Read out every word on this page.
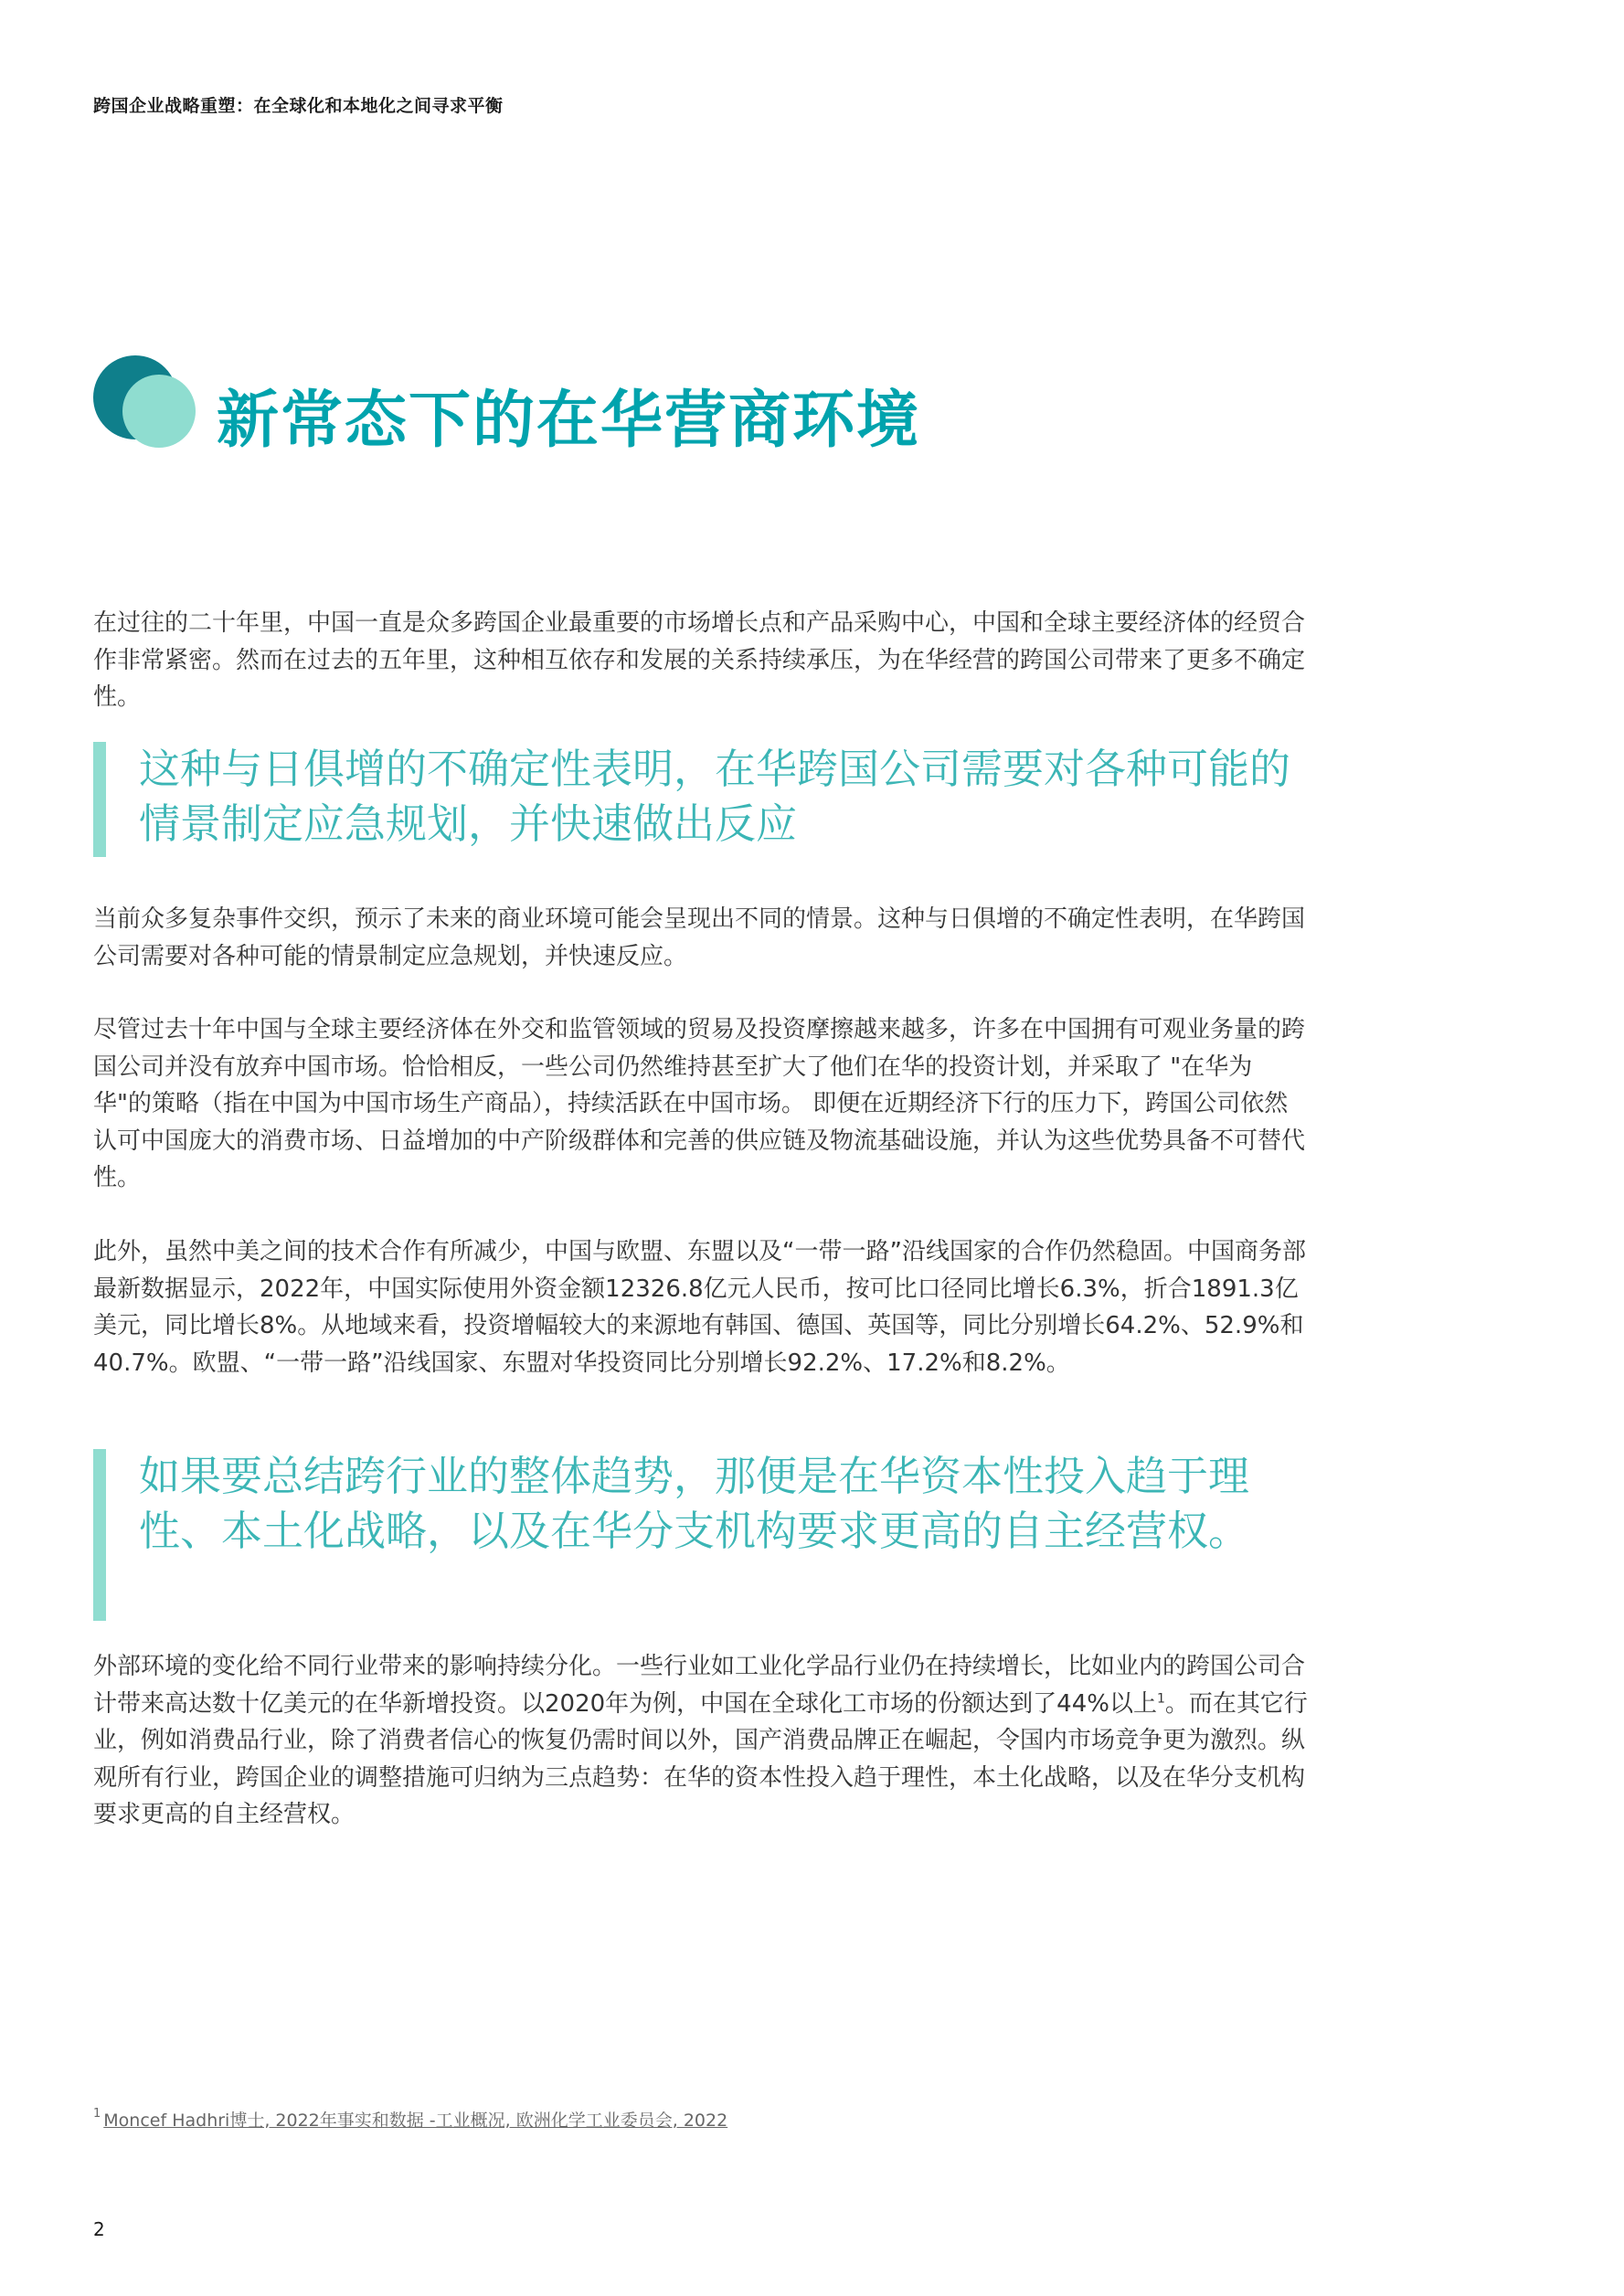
跨国企业战略重塑：在全球化和本地化之间寻求平衡
新常态下的在华营商环境

在过往的二十年里，中国一直是众多跨国企业最重要的市场增长点和产品采购中心，中国和全球主要经济体的经贸合作非常紧密。然而在过去的五年里，这种相互依存和发展的关系持续承压，为在华经营的跨国公司带来了更多不确定性。

这种与日俱增的不确定性表明，在华跨国公司需要对各种可能的情景制定应急规划，并快速做出反应

当前众多复杂事件交织，预示了未来的商业环境可能会呈现出不同的情景。这种与日俱增的不确定性表明，在华跨国公司需要对各种可能的情景制定应急规划，并快速反应。

尽管过去十年中国与全球主要经济体在外交和监管领域的贸易及投资摩擦越来越多，许多在中国拥有可观业务量的跨国公司并没有放弃中国市场。恰恰相反，一些公司仍然维持甚至扩大了他们在华的投资计划，并采取了 "在华为华"的策略（指在中国为中国市场生产商品），持续活跃在中国市场。 即便在近期经济下行的压力下，跨国公司依然认可中国庞大的消费市场、日益增加的中产阶级群体和完善的供应链及物流基础设施，并认为这些优势具备不可替代性。

此外，虽然中美之间的技术合作有所减少，中国与欧盟、东盟以及“一带一路”沿线国家的合作仍然稳固。中国商务部最新数据显示，2022年，中国实际使用外资金额12326.8亿元人民币，按可比口径同比增长6.3%，折合1891.3亿美元，同比增长8%。从地域来看，投资增幅较大的来源地有韩国、德国、英国等，同比分别增长64.2%、52.9%和40.7%。欧盟、“一带一路”沿线国家、东盟对华投资同比分别增长92.2%、17.2%和8.2%。

如果要总结跨行业的整体趋势，那便是在华资本性投入趋于理性、本土化战略，以及在华分支机构要求更高的自主经营权。

外部环境的变化给不同行业带来的影响持续分化。一些行业如工业化学品行业仍在持续增长，比如业内的跨国公司合计带来高达数十亿美元的在华新增投资。以2020年为例，中国在全球化工市场的份额达到了44%以上$^1$。而在其它行业，例如消费品行业，除了消费者信心的恢复仍需时间以外，国产消费品牌正在崛起，令国内市场竞争更为激烈。纵观所有行业，跨国企业的调整措施可归纳为三点趋势：在华的资本性投入趋于理性，本土化战略，以及在华分支机构要求更高的自主经营权。

$^1$ Moncef Hadhri博士, 2022年事实和数据 -工业概况, 欧洲化学工业委员会, 2022
2
